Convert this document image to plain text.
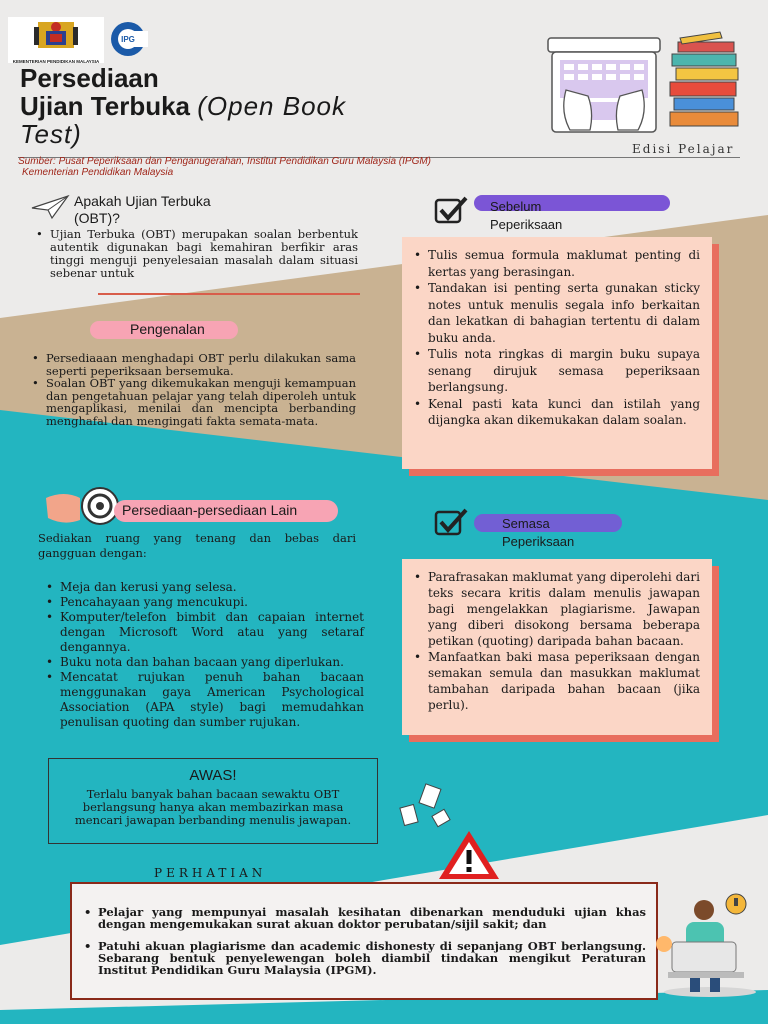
KEMENTERIAN PENDIDIKAN MALAYSIA
IPG
Persediaan
Ujian Terbuka (Open Book
Test)	Edisi Pelajar
Sumber: Pusat Peperiksaan dan Penganugerahan, Institut Pendidikan Guru Malaysia (IPGM)
Kementerian Pendidikan Malaysia
Apakah Ujian Terbuka
(OBT)?
• Ujian Terbuka (OBT) merupakan soalan berbentuk autentik digunakan bagi kemahiran berfikir aras tinggi menguji penyelesaian masalah dalam situasi sebenar untuk
Pengenalan
• Persediaaan menghadapi OBT perlu dilakukan sama seperti peperiksaan bersemuka.
• Soalan OBT yang dikemukakan menguji kemampuan dan pengetahuan pelajar yang telah diperoleh untuk mengaplikasi, menilai dan mencipta berbanding menghafal dan mengingati fakta semata-mata.
Sebelum
Peperiksaan
• Tulis semua formula maklumat penting di kertas yang berasingan.
• Tandakan isi penting serta gunakan sticky notes untuk menulis segala info berkaitan dan lekatkan di bahagian tertentu di dalam buku anda.
• Tulis nota ringkas di margin buku supaya senang dirujuk semasa peperiksaan berlangsung.
• Kenal pasti kata kunci dan istilah yang dijangka akan dikemukakan dalam soalan.
Persediaan-persediaan Lain
Sediakan ruang yang tenang dan bebas dari gangguan dengan:
• Meja dan kerusi yang selesa.
• Pencahayaan yang mencukupi.
• Komputer/telefon bimbit dan capaian internet dengan Microsoft Word atau yang setaraf dengannya.
• Buku nota dan bahan bacaan yang diperlukan.
• Mencatat rujukan penuh bahan bacaan menggunakan gaya American Psychological Association (APA style) bagi memudahkan penulisan quoting dan sumber rujukan.
Semasa
Peperiksaan
• Parafrasakan maklumat yang diperolehi dari teks secara kritis dalam menulis jawapan bagi mengelakkan plagiarisme. Jawapan yang diberi disokong bersama beberapa petikan (quoting) daripada bahan bacaan.
• Manfaatkan baki masa peperiksaan dengan semakan semula dan masukkan maklumat tambahan daripada bahan bacaan (jika perlu).
AWAS!
Terlalu banyak bahan bacaan sewaktu OBT berlangsung hanya akan membazirkan masa mencari jawapan berbanding menulis jawapan.
PERHATIAN
• Pelajar yang mempunyai masalah kesihatan dibenarkan menduduki ujian khas dengan mengemukakan surat akuan doktor perubatan/sijil sakit; dan
• Patuhi akuan plagiarisme dan academic dishonesty di sepanjang OBT berlangsung. Sebarang bentuk penyelewengan boleh diambil tindakan mengikut Peraturan Institut Pendidikan Guru Malaysia (IPGM).
